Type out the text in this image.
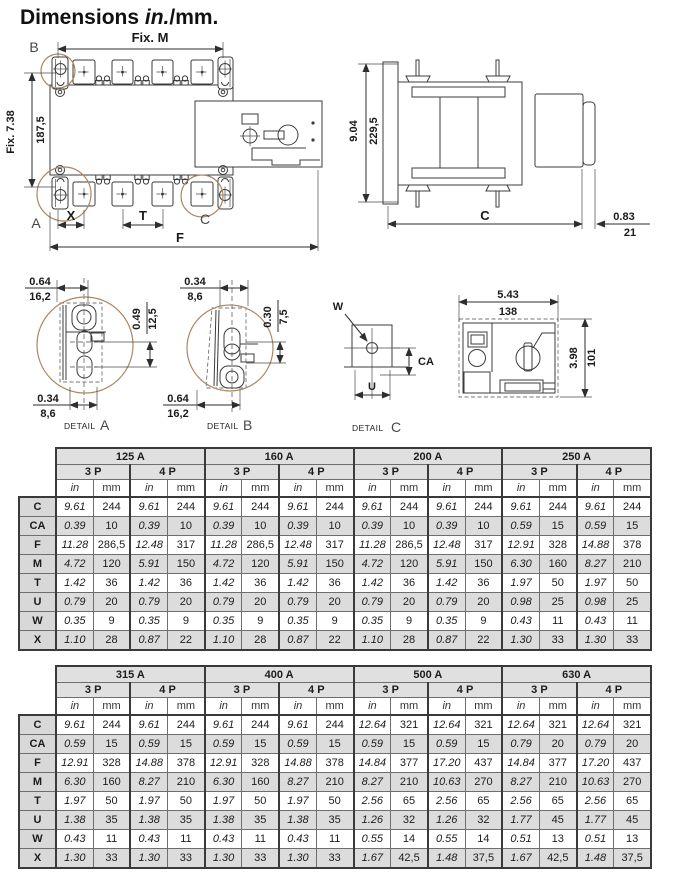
Dimensions in./mm.
Fix. M
B
Fix. 7.38 187,5
A	C
X	T
F
9.04 229,5
C	0.83
21
0.64
16,2
0.49 12,5
0.34
8,6
DETAIL A
0.34
8,6
0.30 7,5
0.64
16,2
DETAIL B
W
CA
U
DETAIL C
5.43
138
3.98 101
	125 A				160 A				200 A				250 A			
	3 P		4 P		3 P		4 P		3 P		4 P		3 P		4 P	
	in	mm	in	mm	in	mm	in	mm	in	mm	in	mm	in	mm	in	mm
C	9.61	244	9.61	244	9.61	244	9.61	244	9.61	244	9.61	244	9.61	244	9.61	244
CA	0.39	10	0.39	10	0.39	10	0.39	10	0.39	10	0.39	10	0.59	15	0.59	15
F	11.28	286,5	12.48	317	11.28	286,5	12.48	317	11.28	286,5	12.48	317	12.91	328	14.88	378
M	4.72	120	5.91	150	4.72	120	5.91	150	4.72	120	5.91	150	6.30	160	8.27	210
T	1.42	36	1.42	36	1.42	36	1.42	36	1.42	36	1.42	36	1.97	50	1.97	50
U	0.79	20	0.79	20	0.79	20	0.79	20	0.79	20	0.79	20	0.98	25	0.98	25
W	0.35	9	0.35	9	0.35	9	0.35	9	0.35	9	0.35	9	0.43	11	0.43	11
X	1.10	28	0.87	22	1.10	28	0.87	22	1.10	28	0.87	22	1.30	33	1.30	33
	315 A				400 A				500 A				630 A			
	3 P		4 P		3 P		4 P		3 P		4 P		3 P		4 P	
	in	mm	in	mm	in	mm	in	mm	in	mm	in	mm	in	mm	in	mm
C	9.61	244	9.61	244	9.61	244	9.61	244	12.64	321	12.64	321	12.64	321	12.64	321
CA	0.59	15	0.59	15	0.59	15	0.59	15	0.59	15	0.59	15	0.79	20	0.79	20
F	12.91	328	14.88	378	12.91	328	14.88	378	14.84	377	17.20	437	14.84	377	17.20	437
M	6.30	160	8.27	210	6.30	160	8.27	210	8.27	210	10.63	270	8.27	210	10.63	270
T	1.97	50	1.97	50	1.97	50	1.97	50	2.56	65	2.56	65	2.56	65	2.56	65
U	1.38	35	1.38	35	1.38	35	1.38	35	1.26	32	1.26	32	1.77	45	1.77	45
W	0.43	11	0.43	11	0.43	11	0.43	11	0.55	14	0.55	14	0.51	13	0.51	13
X	1.30	33	1.30	33	1.30	33	1.30	33	1.67	42,5	1.48	37,5	1.67	42,5	1.48	37,5
